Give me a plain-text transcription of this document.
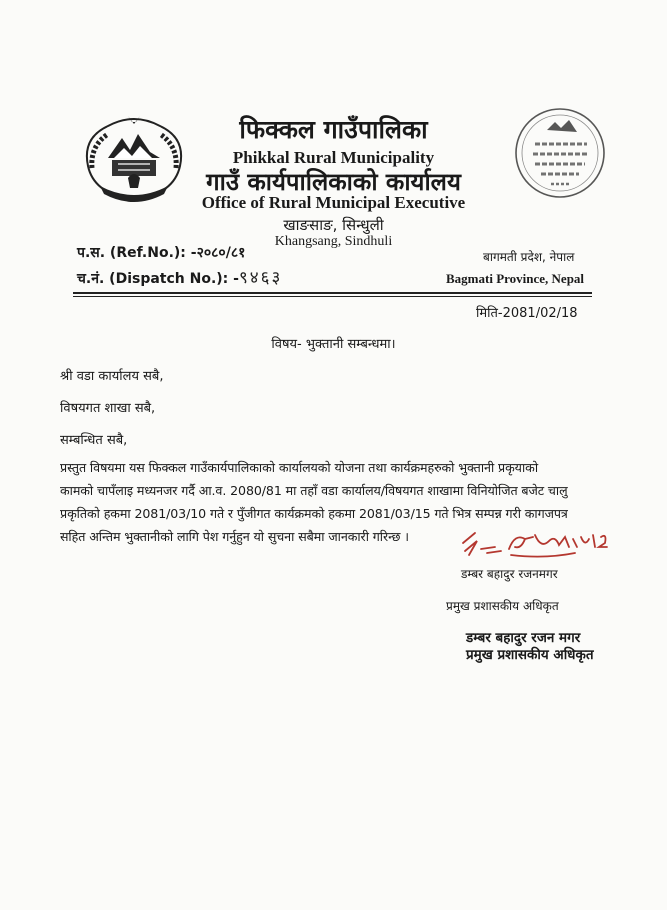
फिक्कल गाउँपालिका
Phikkal Rural Municipality
गाउँ कार्यपालिकाको कार्यालय
Office of Rural Municipal Executive
खाङसाङ, सिन्धुली
Khangsang, Sindhuli
प.स. (Ref.No.): -२०८०/८१
च.नं. (Dispatch No.): -९४६३
बागमती प्रदेश, नेपाल
Bagmati Province, Nepal
मिति-2081/02/18
विषय- भुक्तानी सम्बन्धमा।
श्री वडा कार्यालय सबै,
विषयगत शाखा सबै,
सम्बन्धित सबै,
प्रस्तुत विषयमा यस फिक्कल गाउँकार्यपालिकाको कार्यालयको योजना तथा कार्यक्रमहरुको भुक्तानी प्रकृयाको
कामको चापँलाइ मध्यनजर गर्दै आ.व. 2080/81 मा तहाँ वडा कार्यालय/विषयगत शाखामा विनियोजित बजेट चालु
प्रकृतिको हकमा 2081/03/10 गते र पुँजीगत कार्यक्रमको हकमा 2081/03/15 गते भित्र सम्पन्न गरी कागजपत्र
सहित अन्तिम भुक्तानीको लागि पेश गर्नुहुन यो सुचना सबैमा जानकारी गरिन्छ ।
डम्बर बहादुर रजनमगर
प्रमुख प्रशासकीय अधिकृत
डम्बर बहादुर रजन मगर
प्रमुख प्रशासकीय अधिकृत
